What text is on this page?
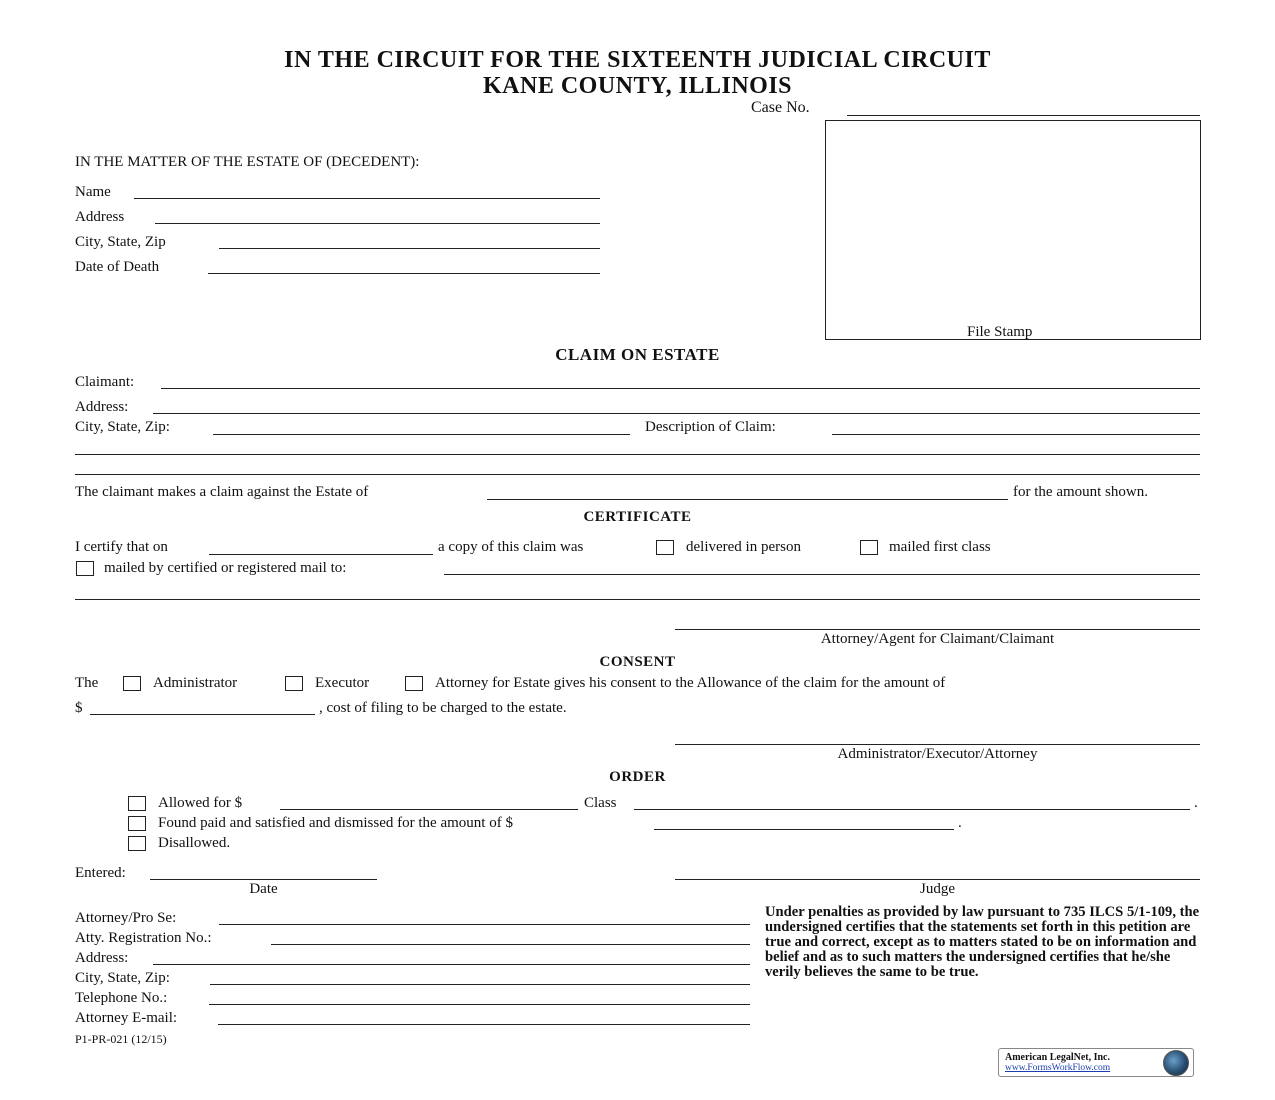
IN THE CIRCUIT FOR THE SIXTEENTH JUDICIAL CIRCUIT
KANE COUNTY, ILLINOIS
Case No.
File Stamp
IN THE MATTER OF THE ESTATE OF (DECEDENT):
Name
Address
City, State, Zip
Date of Death
CLAIM ON ESTATE
Claimant:
Address:
City, State, Zip:	Description of Claim:
The claimant makes a claim against the Estate of	for the amount shown.
CERTIFICATE
I certify that on	a copy of this claim was	delivered in person	mailed first class
mailed by certified or registered mail to:
Attorney/Agent for Claimant/Claimant
CONSENT
The	Administrator	Executor	Attorney for Estate gives his consent to the Allowance of the claim for the amount of
$	, cost of filing to be charged to the estate.
Administrator/Executor/Attorney
ORDER
Allowed for $	Class	.
Found paid and satisfied and dismissed for the amount of $	.
Disallowed.
Entered:
Date	Judge
Attorney/Pro Se:
Atty. Registration No.:
Address:
City, State, Zip:
Telephone No.:
Attorney E-mail:
Under penalties as provided by law pursuant to 735 ILCS 5/1-109, the undersigned certifies that the statements set forth in this petition are true and correct, except as to matters stated to be on information and belief and as to such matters the undersigned certifies that he/she verily believes the same to be true.
P1-PR-021 (12/15)
American LegalNet, Inc.
www.FormsWorkFlow.com
